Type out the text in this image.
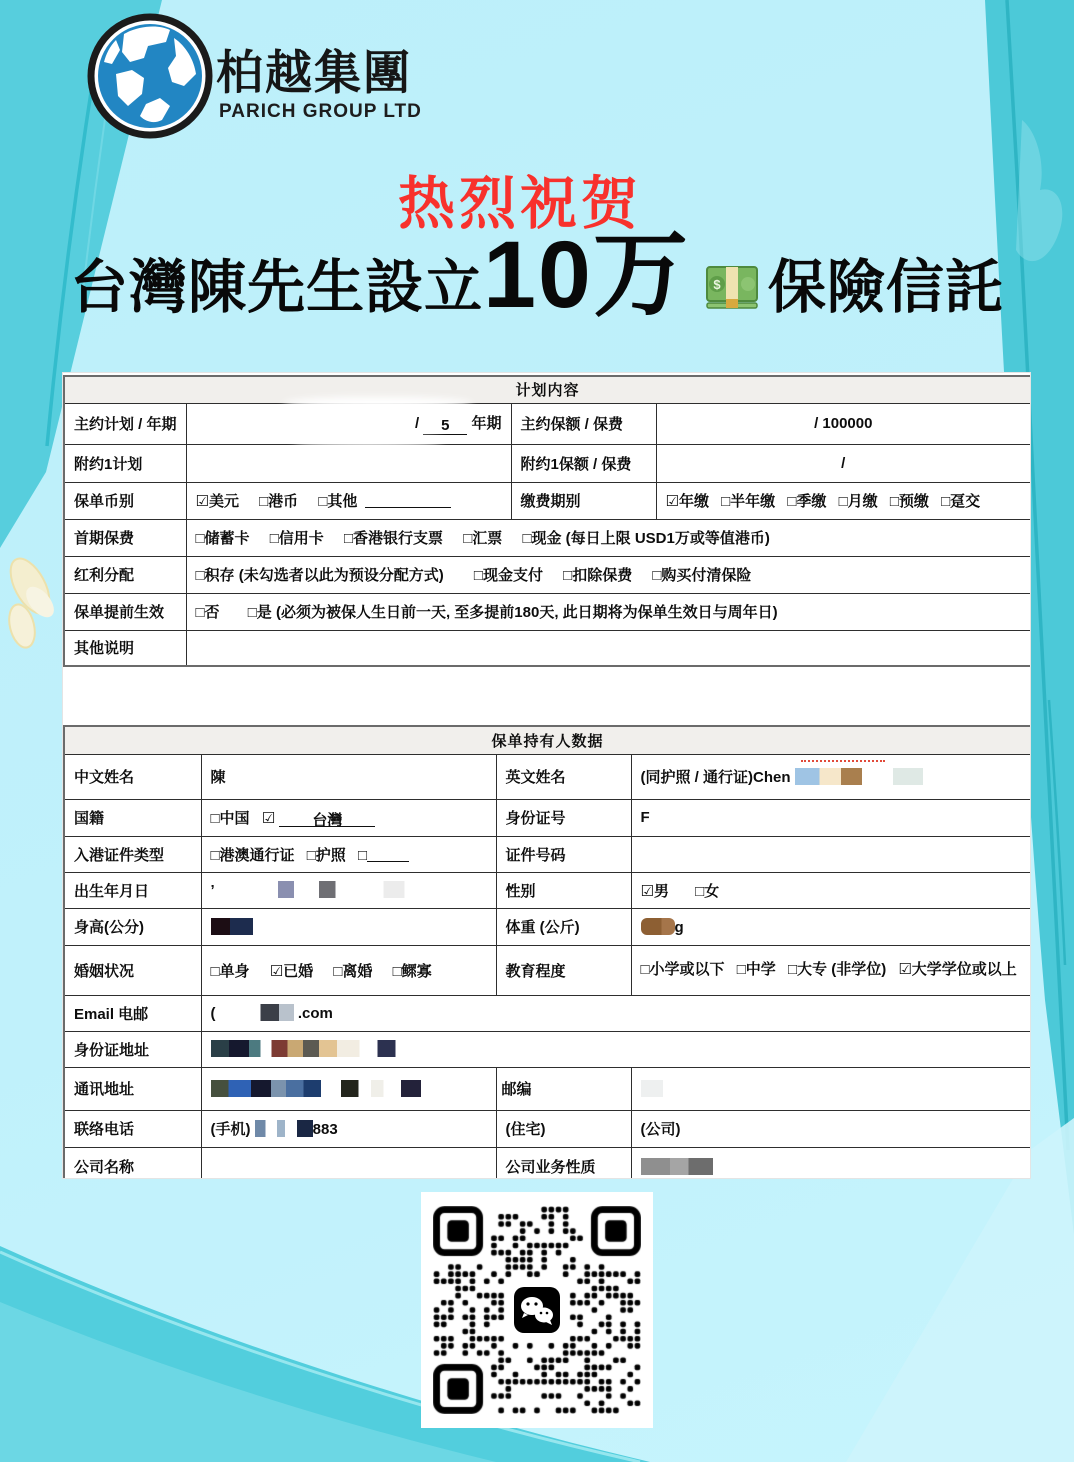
柏越集團
PARICH GROUP LTD
热烈祝贺
台灣陳先生設立 10万 $ 保險信託
计划内容			
主约计划 / 年期	/ 5 年期	主约保额 / 保费	/ 100000
附约1计划		附约1保额 / 保费	/
保单币别	☑美元 □港币 □其他	缴费期别	☑年缴 □半年缴 □季缴 □月缴 □预缴 □趸交
首期保费	□储蓄卡 □信用卡 □香港银行支票 □汇票 □现金 (每日上限 USD1万或等值港币)		
红利分配	□积存 (未勾选者以此为预设分配方式) □现金支付 □扣除保费 □购买付清保险		
保单提前生效	□否 □是 (必须为被保人生日前一天, 至多提前180天, 此日期将为保单生效日与周年日)		
其他说明			
保单持有人数据			
中文姓名	陳	英文姓名	(同护照 / 通行证)Chen
国籍	□中国 ☑ 台灣	身份证号	F
入港证件类型	□港澳通行证 □护照 □	证件号码	
出生年月日	’	性别	☑男 □女
身高(公分)		体重 (公斤)	g
婚姻状况	□单身 ☑已婚 □离婚 □鳏寡	教育程度	□小学或以下 □中学 □大专 (非学位) ☑大学学位或以上
Email 电邮	( .com		
身份证地址			
通讯地址		邮编	
联络电话	(手机) 883	(住宅)	(公司)
公司名称		公司业务性质	
